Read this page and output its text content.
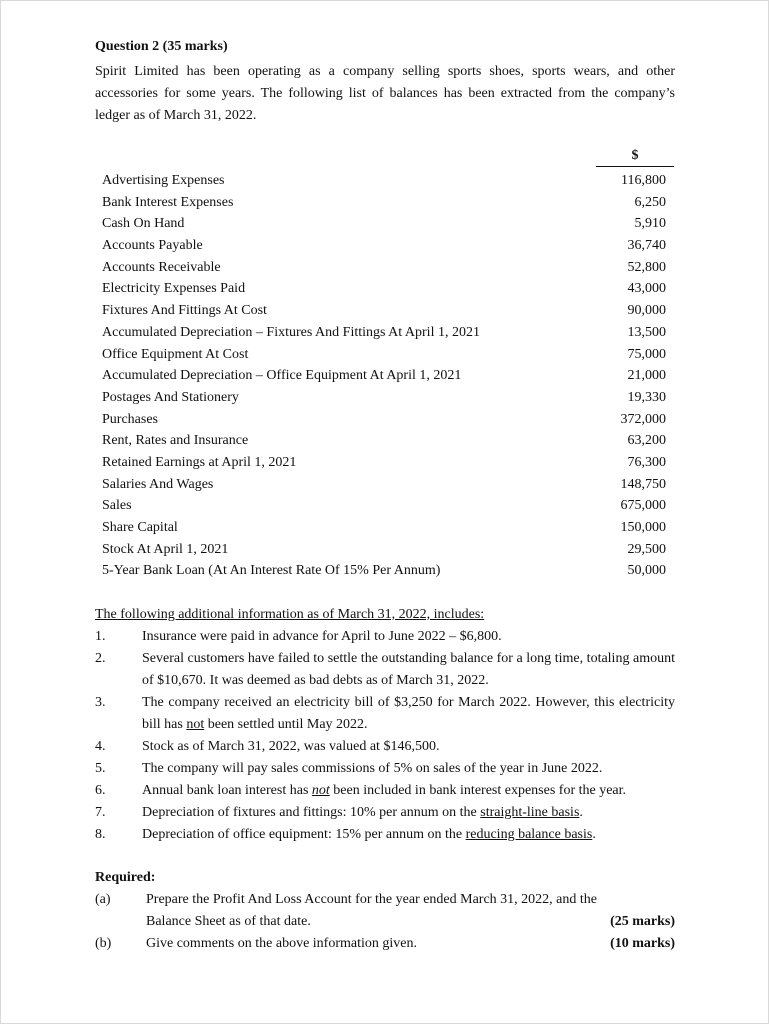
Question 2 (35 marks)
Spirit Limited has been operating as a company selling sports shoes, sports wears, and other accessories for some years. The following list of balances has been extracted from the company’s ledger as of March 31, 2022.
$
Advertising Expenses	116,800
Bank Interest Expenses	6,250
Cash On Hand	5,910
Accounts Payable	36,740
Accounts Receivable	52,800
Electricity Expenses Paid	43,000
Fixtures And Fittings At Cost	90,000
Accumulated Depreciation – Fixtures And Fittings At April 1, 2021	13,500
Office Equipment At Cost	75,000
Accumulated Depreciation – Office Equipment At April 1, 2021	21,000
Postages And Stationery	19,330
Purchases	372,000
Rent, Rates and Insurance	63,200
Retained Earnings at April 1, 2021	76,300
Salaries And Wages	148,750
Sales	675,000
Share Capital	150,000
Stock At April 1, 2021	29,500
5-Year Bank Loan (At An Interest Rate Of 15% Per Annum)	50,000
The following additional information as of March 31, 2022, includes:
1.	Insurance were paid in advance for April to June 2022 – $6,800.
2.	Several customers have failed to settle the outstanding balance for a long time, totaling amount of $10,670. It was deemed as bad debts as of March 31, 2022.
3.	The company received an electricity bill of $3,250 for March 2022. However, this electricity bill has not been settled until May 2022.
4.	Stock as of March 31, 2022, was valued at $146,500.
5.	The company will pay sales commissions of 5% on sales of the year in June 2022.
6.	Annual bank loan interest has not been included in bank interest expenses for the year.
7.	Depreciation of fixtures and fittings: 10% per annum on the straight-line basis.
8.	Depreciation of office equipment: 15% per annum on the reducing balance basis.
Required:
(a)	Prepare the Profit And Loss Account for the year ended March 31, 2022, and the
Balance Sheet as of that date.	(25 marks)
(b)	Give comments on the above information given.	(10 marks)
